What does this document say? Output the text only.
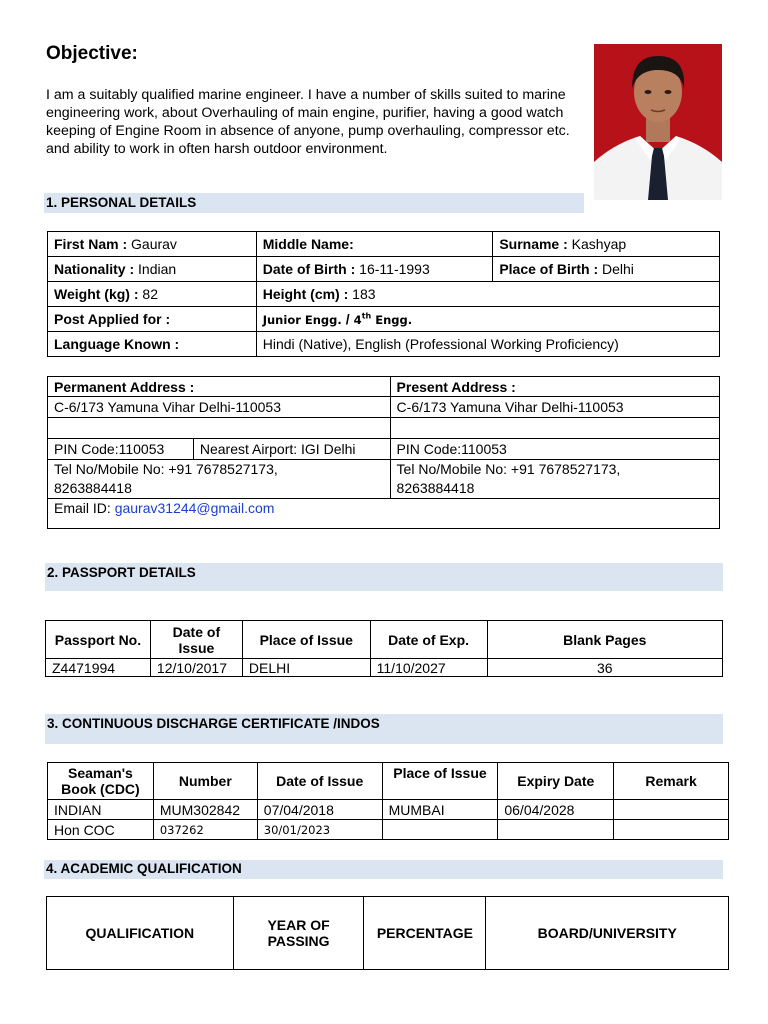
Objective:
I am a suitably qualified marine engineer. I have a number of skills suited to marine engineering work, about Overhauling of main engine, purifier, having a good watch keeping of Engine Room in absence of anyone, pump overhauling, compressor etc. and ability to work in often harsh outdoor environment.
1. PERSONAL DETAILS
First Nam : Gaurav	Middle Name:	Surname : Kashyap
Nationality : Indian	Date of Birth : 16-11-1993	Place of Birth : Delhi
Weight (kg) : 82	Height (cm) : 183	
Post Applied for :	Junior Engg. / 4th Engg.	
Language Known :	Hindi (Native), English (Professional Working Proficiency)	
Permanent Address :		Present Address :
C-6/173 Yamuna Vihar Delhi-110053		C-6/173 Yamuna Vihar Delhi-110053

PIN Code:110053	Nearest Airport: IGI Delhi	PIN Code:110053
Tel No/Mobile No: +91 7678527173,
8263884418		Tel No/Mobile No: +91 7678527173,
8263884418
Email ID: gaurav31244@gmail.com		
2. PASSPORT DETAILS
Passport No.	Date of Issue	Place of Issue	Date of Exp.	Blank Pages
Z4471994	12/10/2017	DELHI	11/10/2027	36
3. CONTINUOUS DISCHARGE CERTIFICATE /INDOS
Seaman's Book (CDC)	Number	Date of Issue	Place of Issue	Expiry Date	Remark
INDIAN	MUM302842	07/04/2018	MUMBAI	06/04/2028	
Hon COC	037262	30/01/2023			
4. ACADEMIC QUALIFICATION
QUALIFICATION	YEAR OF PASSING	PERCENTAGE	BOARD/UNIVERSITY
